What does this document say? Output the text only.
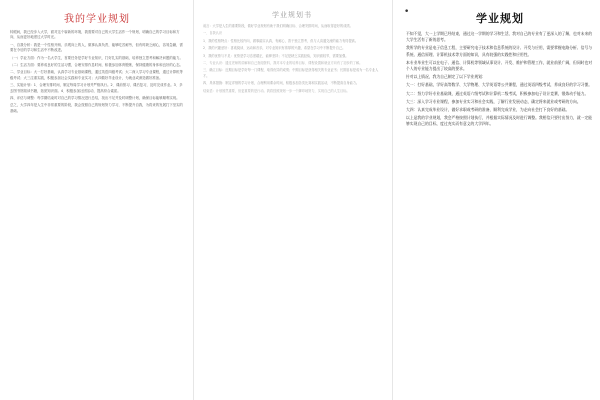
我的学业规划

转眼间，我已经步入大学，面对这个崭新的环境，我需要对自己的大学生活作一个规划，明确自己的学习目标和方向，从而更好地度过大学时光。

一、自我分析：我是一个性格开朗、乐观向上的人，做事认真负责，能够吃苦耐劳，但有时缺乏耐心，容易急躁，需要在今后的学习和生活中不断改进。

（一）学业方面：作为一名大学生，首要任务是学好专业知识，打好扎实的基础，培养独立思考和解决问题的能力。

（二）生活方面：要养成良好的生活习惯，合理安排作息时间，积极参加体育锻炼，保持健康的身体和良好的心态。

二、学业目标：大一打好基础，认真学习专业基础课程，通过英语四级考试；大二深入学习专业课程，通过计算机等级考试；大三注重实践，积极参加社会实践和专业实习；大四做好毕业设计，为就业或深造做好准备。

三、实施计划：1．合理安排时间，制定每周学习计划并严格执行。2．课前预习、课后复习，及时完成作业。3．多去图书馆阅读书籍，拓宽知识面。4．积极参加社团活动，提高综合素质。

四、评估与调整：每学期结束时对自己的学习情况进行总结，找出不足并及时调整计划，确保目标能够顺利实现。

总之，大学四年是人生中非常重要的阶段，我会按照自己的规划努力学习，不断提升自我，为将来的发展打下坚实的基础。

学业规划书

前言：大学是人生的重要阶段，做好学业规划有助于我们明确目标、合理安排时间，从而取得更好的成绩。

一、自我认识

1．我的性格特点：性格比较内向，做事踏实认真，有耐心，善于独立思考，但与人沟通交流的能力有待提高。

2．我的兴趣爱好：喜欢阅读、运动和音乐，对专业知识有浓厚的兴趣，希望在学习中不断提升自己。

3．我的优势与不足：优势是学习态度端正，能够坚持；不足是缺乏实践经验，知识面较窄，需要加强。

二、专业认识：通过老师的讲解和自己查阅资料，我对本专业的培养目标、课程设置和就业方向有了初步的了解。

三、确立目标：近期目标是学好每一门课程，取得优异的成绩；中期目标是获得相关的专业证书；长期目标是成为一名专业人才。

四、具体措施：制定详细的学习计划，合理利用课余时间，积极参加各类比赛和实践活动，不断提高自身能力。

结束语：计划固然重要，但更重要的是行动。我将按照规划一步一个脚印地努力，实现自己的人生目标。

•	学业规划

不知不觉，大一上学期已经结束，通过这一学期的学习和生活，我对自己的专业有了更深入的了解，也对未来的大学生活有了新的思考。

我所学的专业是电子信息工程，主要研究电子技术和信息系统的设计、开发与应用，需要掌握电路分析、信号与系统、通信原理、计算机技术等方面的知识，具有较强的实践性和应用性。

本专业毕业生可以在电子、通信、计算机等领域从事设计、开发、维护和管理工作，就业前景广阔，但同时也对个人的专业能力提出了较高的要求。

针对以上情况，我为自己制定了以下学业规划：

大一：打好基础，学好高等数学、大学物理、大学英语等公共课程，通过英语四级考试，养成良好的学习习惯。

大二：努力学好专业基础课，通过英语六级考试和计算机二级考试，积极参加电子设计竞赛，锻炼动手能力。

大三：深入学习专业课程，参加专业实习和社会实践，了解行业发展动态，确定将来就业或考研的方向。

大四：认真完成毕业设计，做好求职或考研的准备，顺利完成学业，为走向社会打下良好的基础。

以上是我的学业规划，我会严格按照计划执行，并根据实际情况及时进行调整。我相信只要付出努力，就一定能够实现自己的目标，度过充实而有意义的大学四年。
